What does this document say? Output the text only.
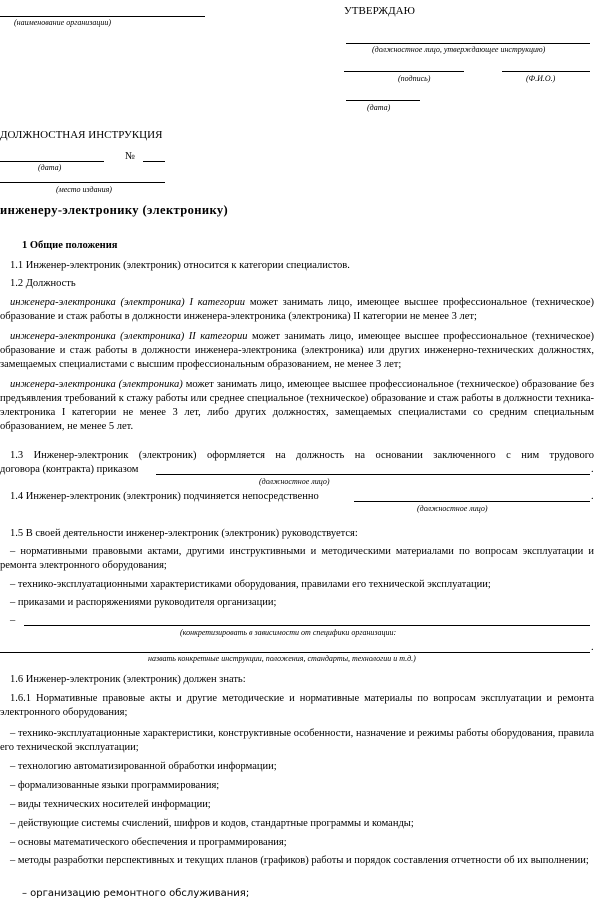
(наименование организации)
УТВЕРЖДАЮ
(должностное лицо, утверждающее инструкцию)
(подпись)	(Ф.И.О.)
(дата)
ДОЛЖНОСТНАЯ ИНСТРУКЦИЯ
(дата)
№
(место издания)
инженеру-электронику (электронику)
1 Общие положения
1.1 Инженер-электроник (электроник) относится к категории специалистов.
1.2 Должность
инженера-электроника (электроника) I категории может занимать лицо, имеющее высшее профессиональное (техническое) образование и стаж работы в должности инженера-электроника (электроника) II категории не менее 3 лет;
инженера-электроника (электроника) II категории может занимать лицо, имеющее высшее профессиональное (техническое) образование и стаж работы в должности инженера-электроника (электроника) или других инженерно-технических должностях, замещаемых специалистами с высшим профессиональным образованием, не менее 3 лет;
инженера-электроника (электроника) может занимать лицо, имеющее высшее профессиональное (техническое) образование без предъявления требований к стажу работы или среднее специальное (техническое) образование и стаж работы в должности техника-электроника I категории не менее 3 лет, либо других должностях, замещаемых специалистами со средним специальным образованием, не менее 5 лет.
1.3 Инженер-электроник (электроник) оформляется на должность на основании заключенного с ним трудового
договора (контракта) приказом	.
(должностное лицо)
1.4 Инженер-электроник (электроник) подчиняется непосредственно	.
(должностное лицо)
1.5 В своей деятельности инженер-электроник (электроник) руководствуется:
– нормативными правовыми актами, другими инструктивными и методическими материалами по вопросам эксплуатации и ремонта электронного оборудования;
– технико-эксплуатационными характеристиками оборудования, правилами его технической эксплуатации;
– приказами и распоряжениями руководителя организации;
–
(конкретизировать в зависимости от специфики организации:
.
назвать конкретные инструкции, положения, стандарты, технологии и т.д.)
1.6 Инженер-электроник (электроник) должен знать:
1.6.1 Нормативные правовые акты и другие методические и нормативные материалы по вопросам эксплуатации и ремонта электронного оборудования;
– технико-эксплуатационные характеристики, конструктивные особенности, назначение и режимы работы оборудования, правила его технической эксплуатации;
– технологию автоматизированной обработки информации;
– формализованные языки программирования;
– виды технических носителей информации;
– действующие системы счислений, шифров и кодов, стандартные программы и команды;
– основы математического обеспечения и программирования;
– методы разработки перспективных и текущих планов (графиков) работы и порядок составления отчетности об их выполнении;
– организацию ремонтного обслуживания;
